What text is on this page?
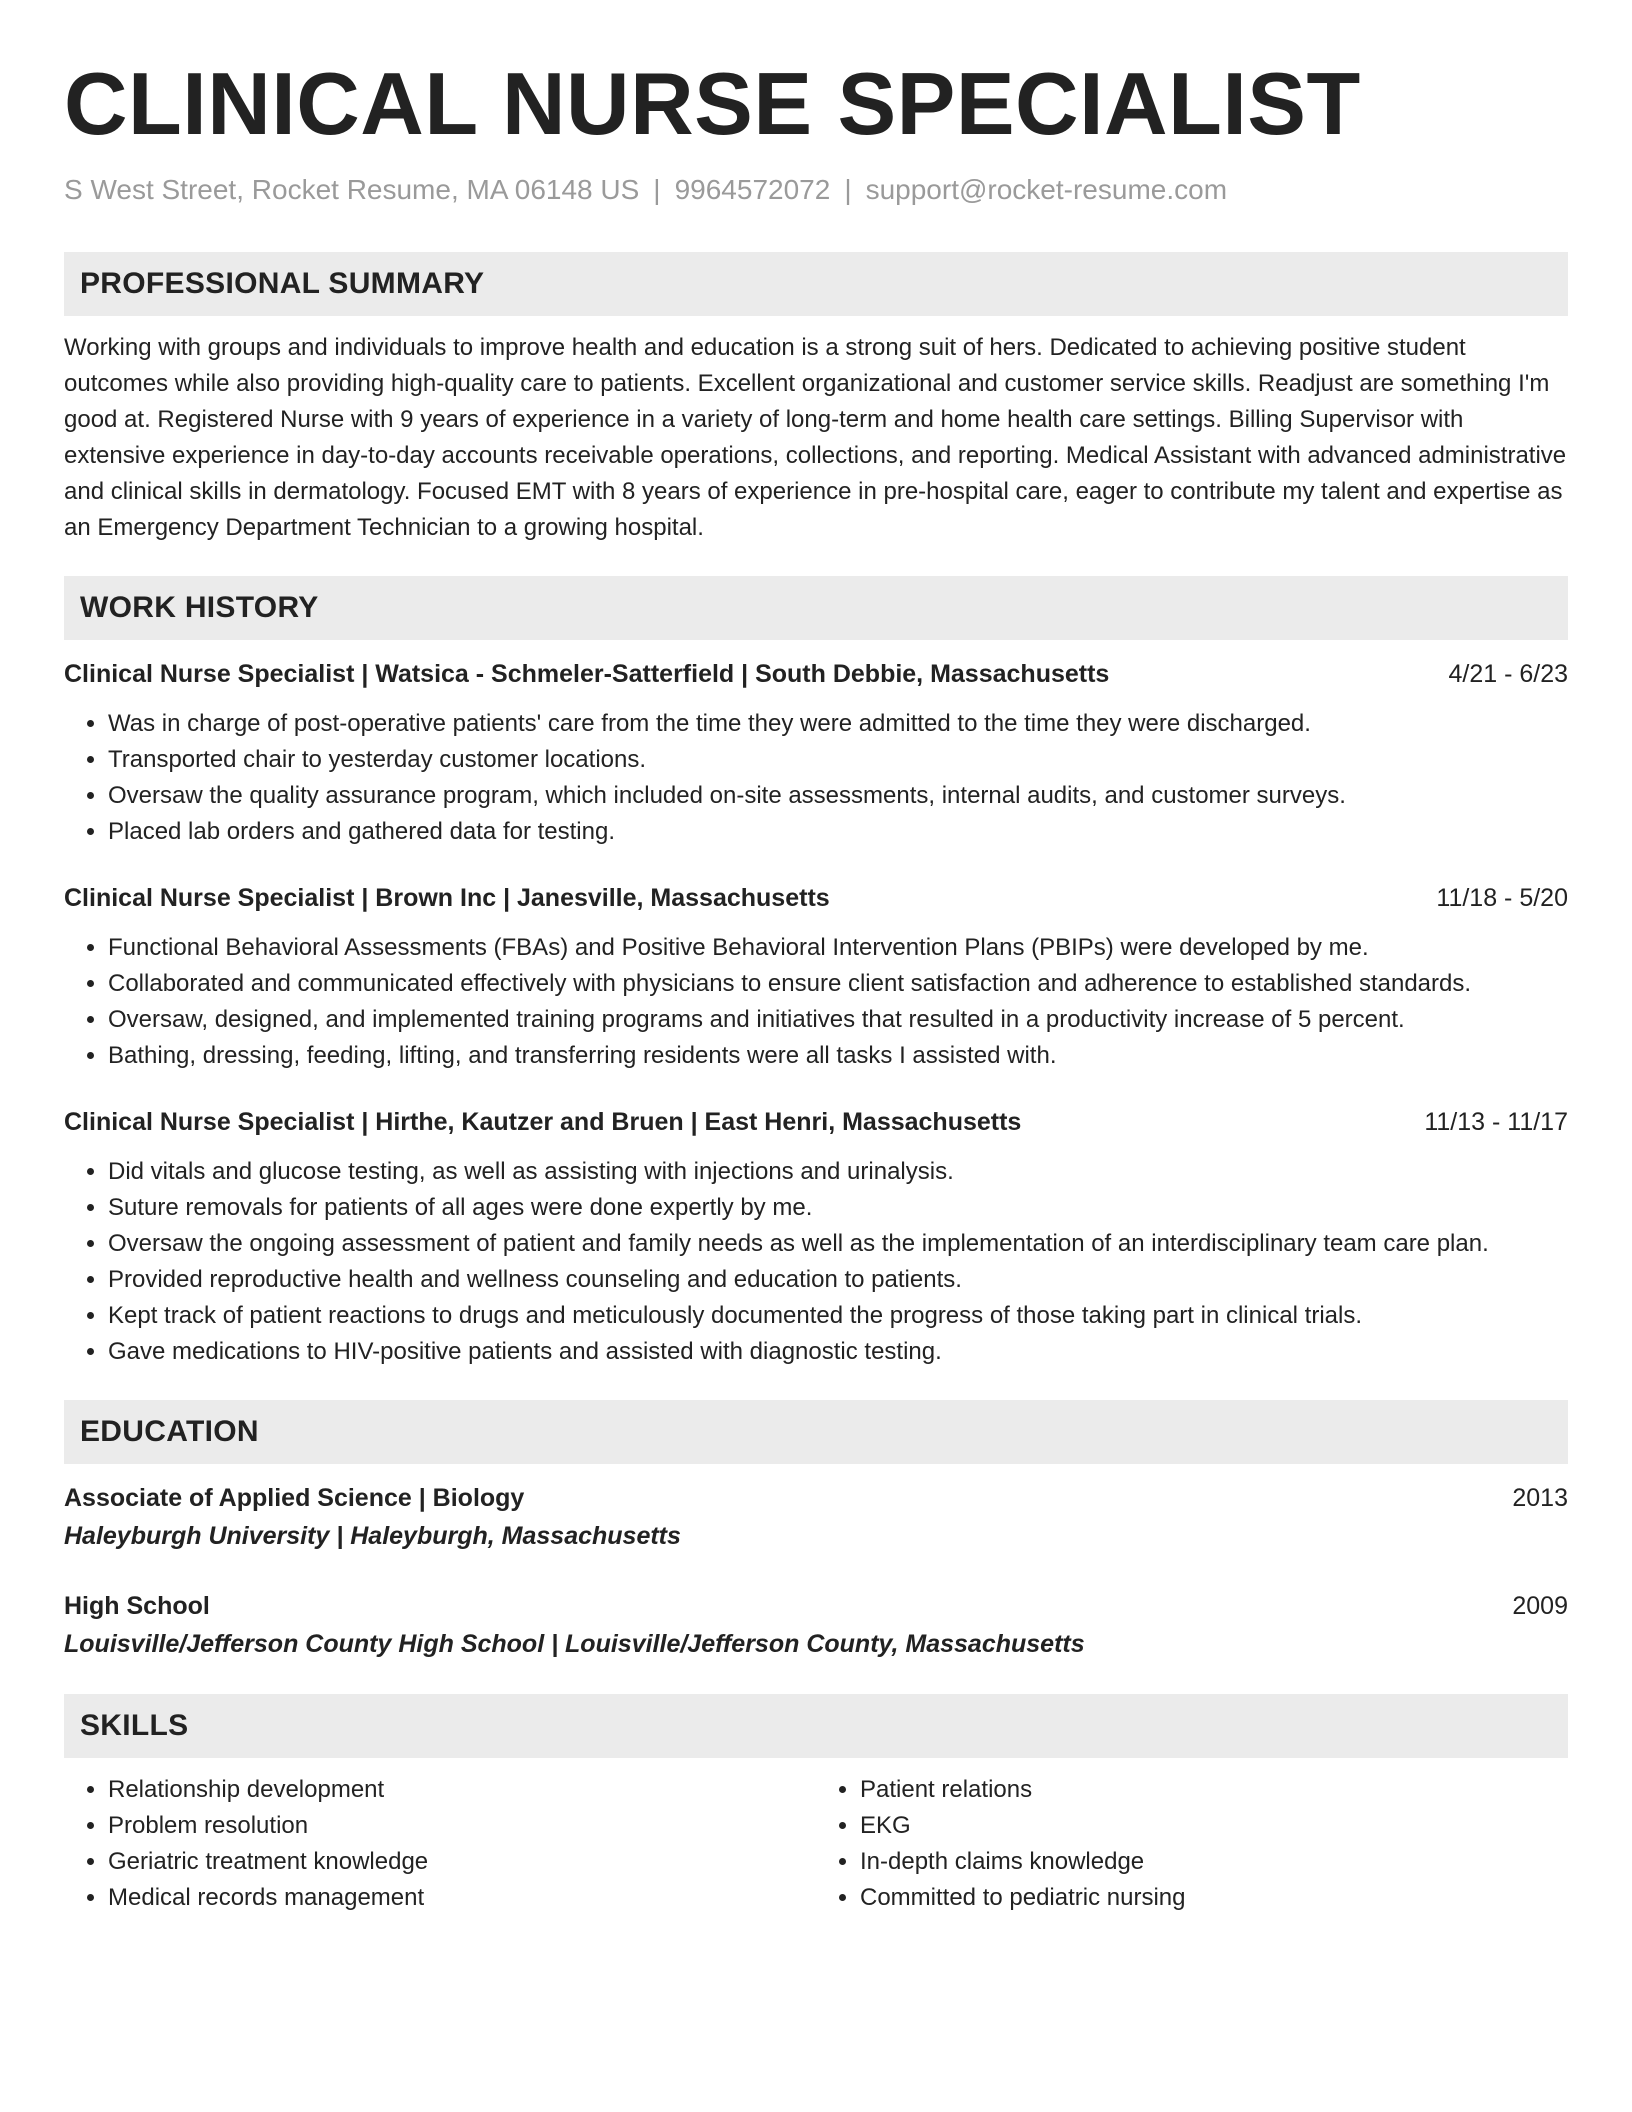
CLINICAL NURSE SPECIALIST
S West Street, Rocket Resume, MA 06148 US | 9964572072 | support@rocket-resume.com
PROFESSIONAL SUMMARY

Working with groups and individuals to improve health and education is a strong suit of hers. Dedicated to achieving positive student outcomes while also providing high-quality care to patients. Excellent organizational and customer service skills. Readjust are something I'm good at. Registered Nurse with 9 years of experience in a variety of long-term and home health care settings. Billing Supervisor with extensive experience in day-to-day accounts receivable operations, collections, and reporting. Medical Assistant with advanced administrative and clinical skills in dermatology. Focused EMT with 8 years of experience in pre-hospital care, eager to contribute my talent and expertise as an Emergency Department Technician to a growing hospital.

WORK HISTORY
Clinical Nurse Specialist | Watsica - Schmeler-Satterfield | South Debbie, Massachusetts	4/21 - 6/23
• Was in charge of post-operative patients' care from the time they were admitted to the time they were discharged.
• Transported chair to yesterday customer locations.
• Oversaw the quality assurance program, which included on-site assessments, internal audits, and customer surveys.
• Placed lab orders and gathered data for testing.
Clinical Nurse Specialist | Brown Inc | Janesville, Massachusetts	11/18 - 5/20
• Functional Behavioral Assessments (FBAs) and Positive Behavioral Intervention Plans (PBIPs) were developed by me.
• Collaborated and communicated effectively with physicians to ensure client satisfaction and adherence to established standards.
• Oversaw, designed, and implemented training programs and initiatives that resulted in a productivity increase of 5 percent.
• Bathing, dressing, feeding, lifting, and transferring residents were all tasks I assisted with.
Clinical Nurse Specialist | Hirthe, Kautzer and Bruen | East Henri, Massachusetts	11/13 - 11/17
• Did vitals and glucose testing, as well as assisting with injections and urinalysis.
• Suture removals for patients of all ages were done expertly by me.
• Oversaw the ongoing assessment of patient and family needs as well as the implementation of an interdisciplinary team care plan.
• Provided reproductive health and wellness counseling and education to patients.
• Kept track of patient reactions to drugs and meticulously documented the progress of those taking part in clinical trials.
• Gave medications to HIV-positive patients and assisted with diagnostic testing.
EDUCATION
Associate of Applied Science | Biology	2013
Haleyburgh University | Haleyburgh, Massachusetts
High School	2009
Louisville/Jefferson County High School | Louisville/Jefferson County, Massachusetts
SKILLS
• Relationship development
• Problem resolution
• Geriatric treatment knowledge
• Medical records management
• Patient relations
• EKG
• In-depth claims knowledge
• Committed to pediatric nursing
